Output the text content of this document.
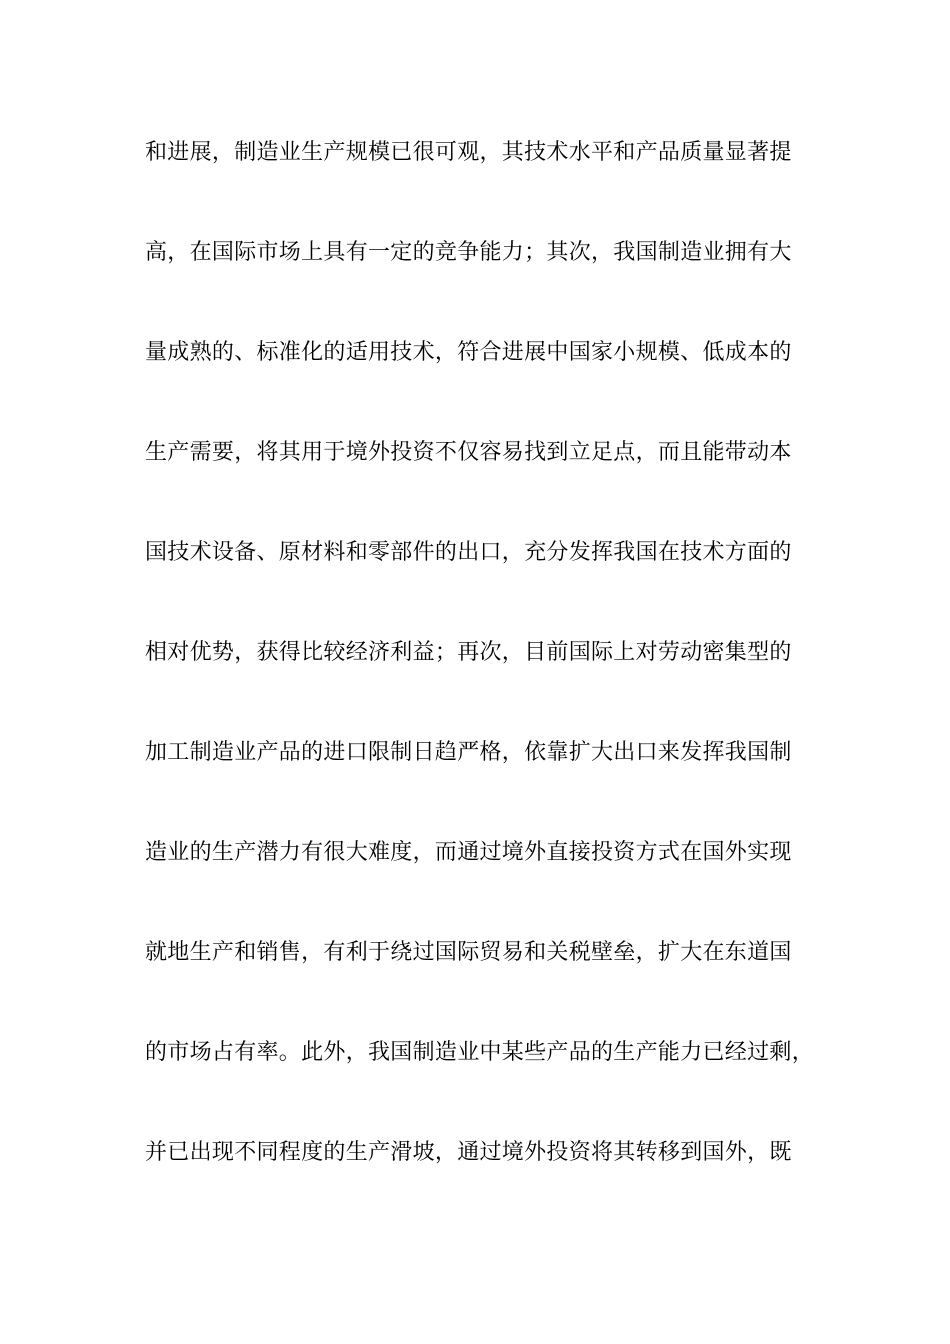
和进展，制造业生产规模已很可观，其技术水平和产品质量显著提
高，在国际市场上具有一定的竞争能力；其次，我国制造业拥有大
量成熟的、标准化的适用技术，符合进展中国家小规模、低成本的
生产需要，将其用于境外投资不仅容易找到立足点，而且能带动本
国技术设备、原材料和零部件的出口，充分发挥我国在技术方面的
相对优势，获得比较经济利益；再次，目前国际上对劳动密集型的
加工制造业产品的进口限制日趋严格，依靠扩大出口来发挥我国制
造业的生产潜力有很大难度，而通过境外直接投资方式在国外实现
就地生产和销售，有利于绕过国际贸易和关税壁垒，扩大在东道国
的市场占有率。此外，我国制造业中某些产品的生产能力已经过剩，
并已出现不同程度的生产滑坡，通过境外投资将其转移到国外，既
